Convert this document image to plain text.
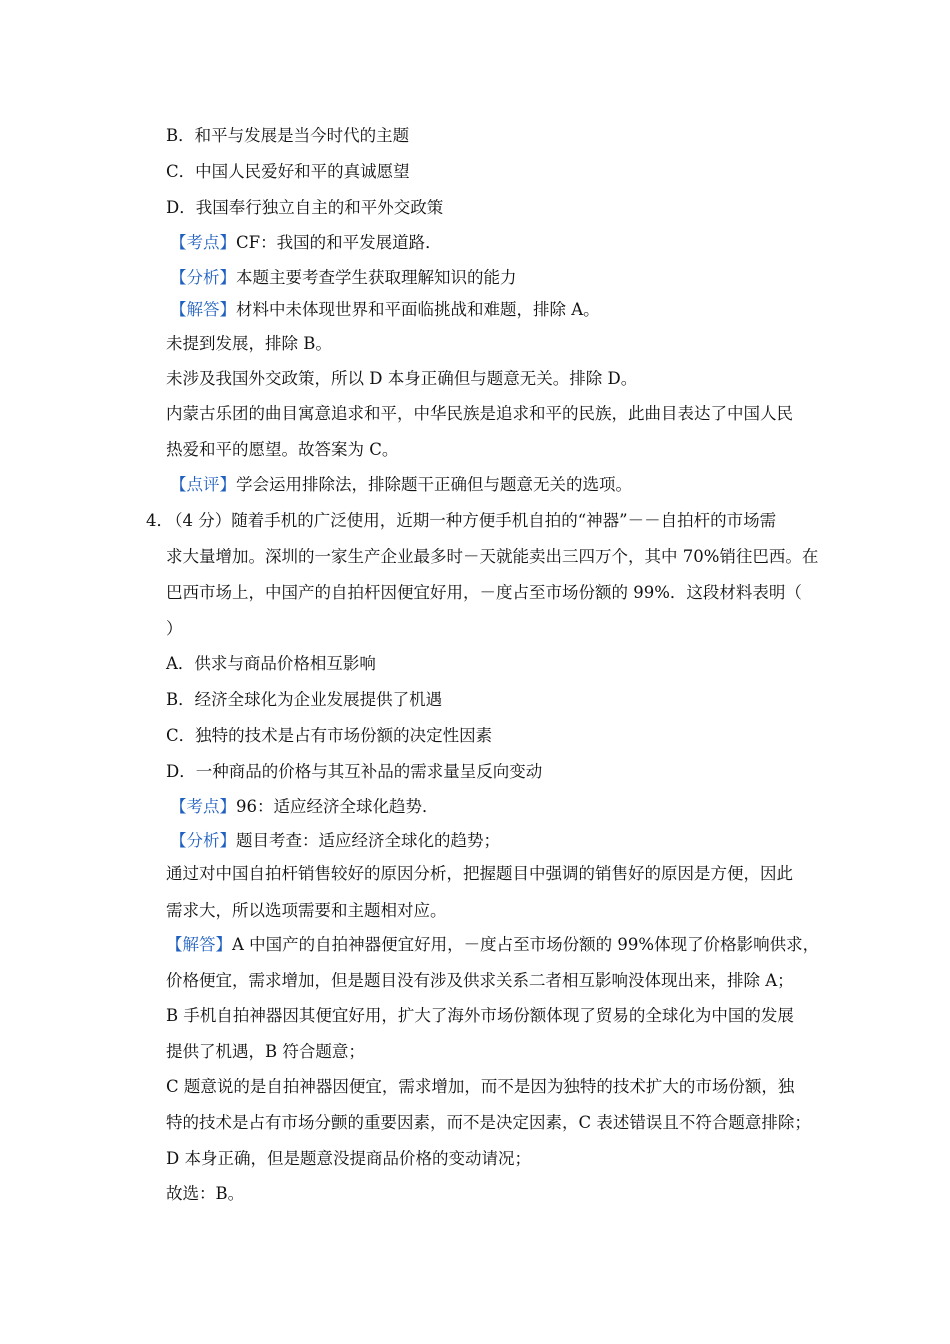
B．和平与发展是当今时代的主题
C．中国人民爱好和平的真诚愿望
D．我国奉行独立自主的和平外交政策
【考点】CF：我国的和平发展道路．
【分析】本题主要考查学生获取理解知识的能力
【解答】材料中未体现世界和平面临挑战和难题，排除 A。
未提到发展，排除 B。
未涉及我国外交政策，所以 D 本身正确但与题意无关。排除 D。
内蒙古乐团的曲目寓意追求和平，中华民族是追求和平的民族，此曲目表达了中国人民
热爱和平的愿望。故答案为 C。
【点评】学会运用排除法，排除题干正确但与题意无关的选项。
4．
（4 分）随着手机的广泛使用，近期一种方便手机自拍的“神器”－－自拍杆的市场需
求大量增加。深圳的一家生产企业最多时－天就能卖出三四万个，其中 70%销往巴西。在
巴西市场上，中国产的自拍杆因便宜好用，－度占至市场份额的 99%．这段材料表明（
）
A．供求与商品价格相互影响
B．经济全球化为企业发展提供了机遇
C．独特的技术是占有市场份额的决定性因素
D．一种商品的价格与其互补品的需求量呈反向变动
【考点】96：适应经济全球化趋势．
【分析】题目考查：适应经济全球化的趋势；
通过对中国自拍杆销售较好的原因分析，把握题目中强调的销售好的原因是方便，因此
需求大，所以选项需要和主题相对应。
【解答】A 中国产的自拍神器便宜好用，－度占至市场份额的 99%体现了价格影响供求，
价格便宜，需求增加，但是题目没有涉及供求关系二者相互影响没体现出来，排除 A；
B 手机自拍神器因其便宜好用，扩大了海外市场份额体现了贸易的全球化为中国的发展
提供了机遇，B 符合题意；
C 题意说的是自拍神器因便宜，需求增加，而不是因为独特的技术扩大的市场份额，独
特的技术是占有市场分颤的重要因素，而不是决定因素，C 表述错误且不符合题意排除；
D 本身正确，但是题意没提商品价格的变动请况；
故选：B。
